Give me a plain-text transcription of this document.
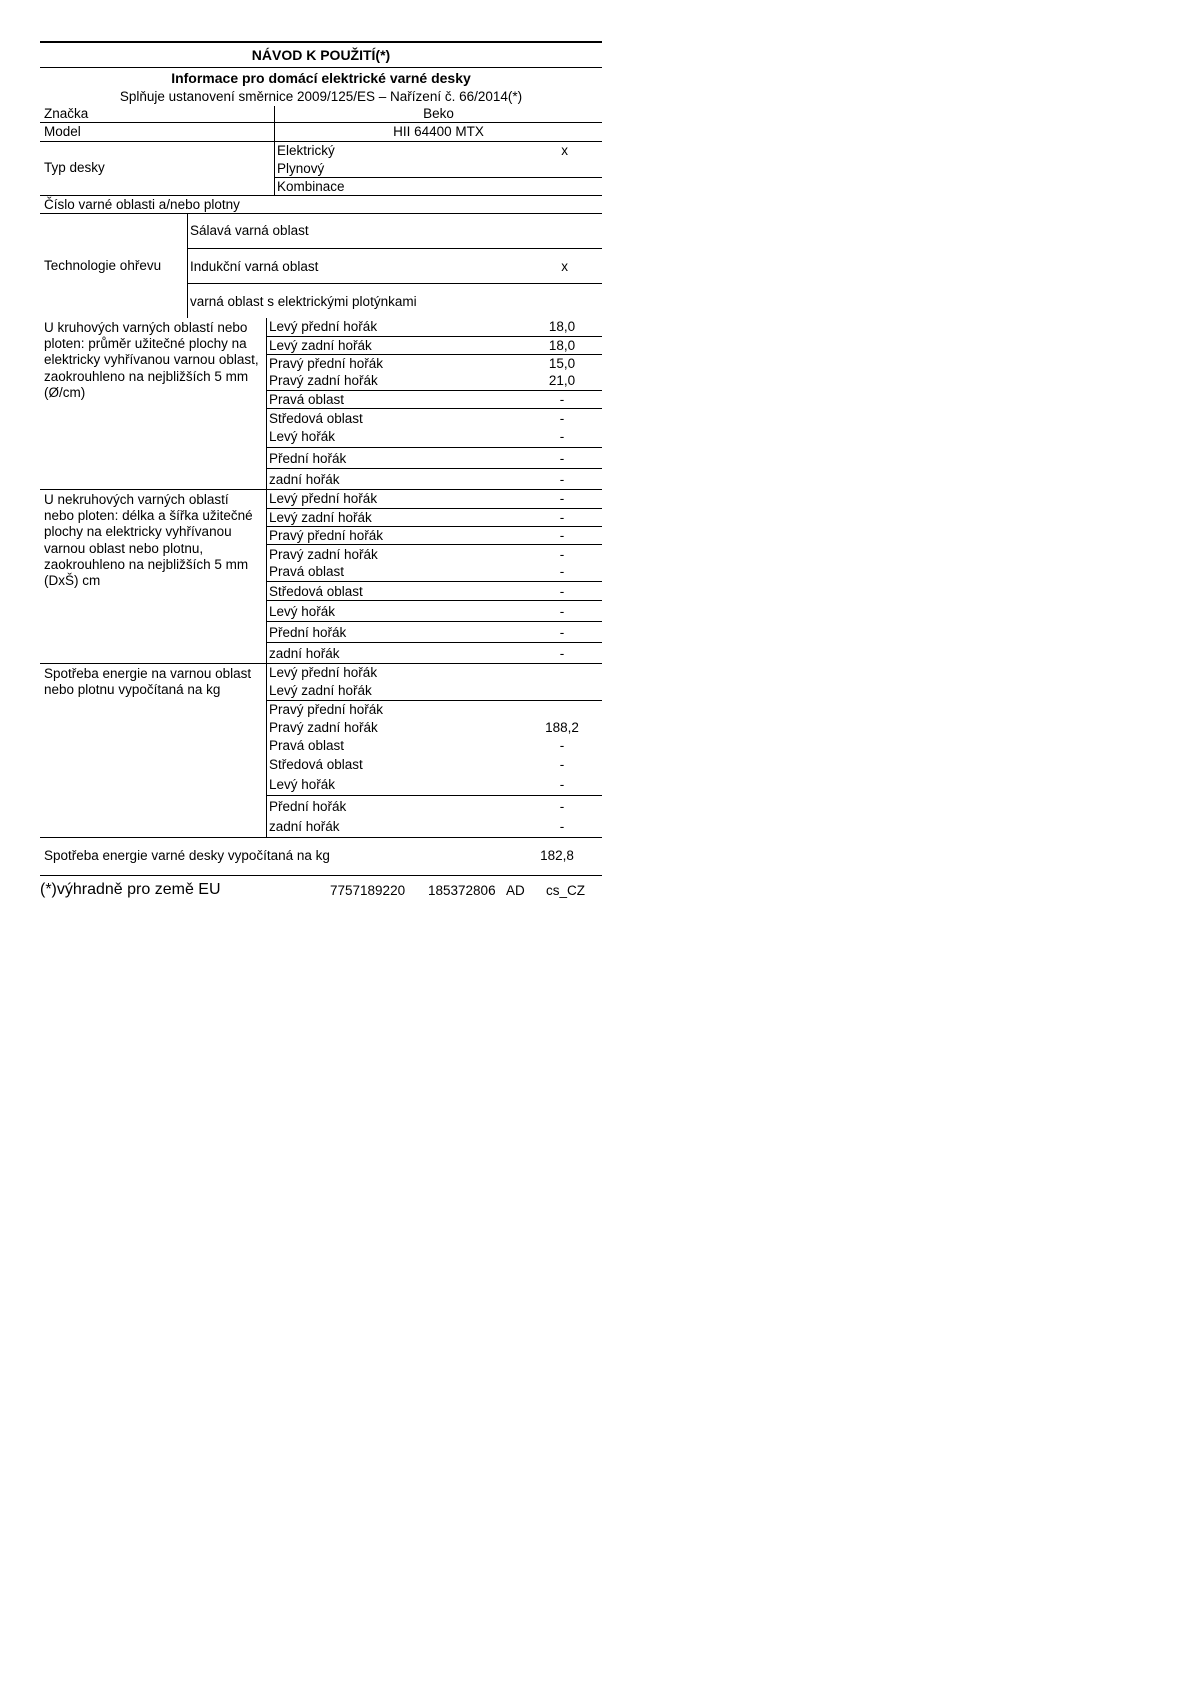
NÁVOD K POUŽITÍ(*)
Informace pro domácí elektrické varné desky
Splňuje ustanovení směrnice 2009/125/ES – Nařízení č. 66/2014(*)
Značka	Beko
Model	HII 64400 MTX
Typ desky
Elektrický	x
Plynový
Kombinace
Číslo varné oblasti a/nebo plotny
Technologie ohřevu
Sálavá varná oblast
Indukční varná oblast	x
varná oblast s elektrickými plotýnkami
U kruhových varných oblastí nebo ploten: průměr užitečné plochy na elektricky vyhřívanou varnou oblast, zaokrouhleno na nejbližších 5 mm (Ø/cm)
Levý přední hořák	18,0
Levý zadní hořák	18,0
Pravý přední hořák	15,0
Pravý zadní hořák	21,0
Pravá oblast	-
Středová oblast	-
Levý hořák	-
Přední hořák	-
zadní hořák	-
U nekruhových varných oblastí nebo ploten: délka a šířka užitečné plochy na elektricky vyhřívanou varnou oblast nebo plotnu, zaokrouhleno na nejbližších 5 mm (DxŠ) cm
Levý přední hořák	-
Levý zadní hořák	-
Pravý přední hořák	-
Pravý zadní hořák	-
Pravá oblast	-
Středová oblast	-
Levý hořák	-
Přední hořák	-
zadní hořák	-
Spotřeba energie na varnou oblast nebo plotnu vypočítaná na kg
Levý přední hořák
Levý zadní hořák
Pravý přední hořák
Pravý zadní hořák	188,2
Pravá oblast	-
Středová oblast	-
Levý hořák	-
Přední hořák	-
zadní hořák	-
Spotřeba energie varné desky vypočítaná na kg	182,8
(*)výhradně pro země EU	7757189220	185372806 AD	cs_CZ
